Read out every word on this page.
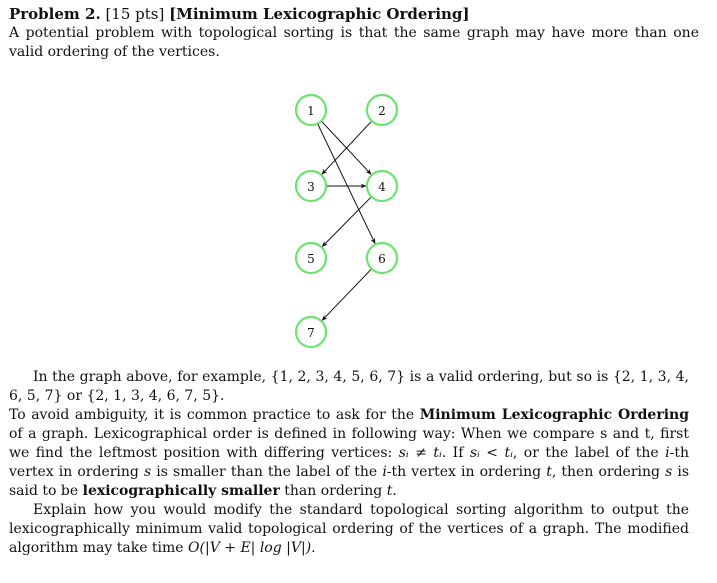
Problem 2. [15 pts] [Minimum Lexicographic Ordering]
A potential problem with topological sorting is that the same graph may have more than one valid ordering of the vertices.
1	2
3	4
5	6
7

In the graph above, for example, {1, 2, 3, 4, 5, 6, 7} is a valid ordering, but so is {2, 1, 3, 4, 6, 5, 7} or {2, 1, 3, 4, 6, 7, 5}.

To avoid ambiguity, it is common practice to ask for the Minimum Lexicographic Ordering of a graph. Lexicographical order is defined in following way: When we compare s and t, first we find the leftmost position with differing vertices: sᵢ ≠ tᵢ. If sᵢ < tᵢ, or the label of the i-th vertex in ordering s is smaller than the label of the i-th vertex in ordering t, then ordering s is said to be lexicographically smaller than ordering t.

Explain how you would modify the standard topological sorting algorithm to output the lexicographically minimum valid topological ordering of the vertices of a graph. The modified algorithm may take time O(|V + E| log |V|).
